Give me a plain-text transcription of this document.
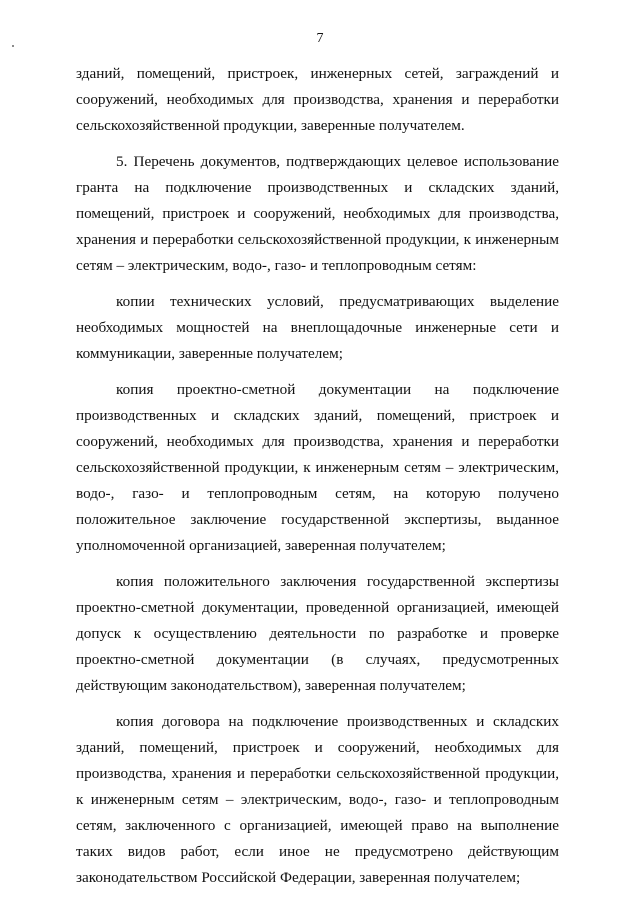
7

зданий, помещений, пристроек, инженерных сетей, заграждений и сооружений, необходимых для производства, хранения и переработки сельскохозяйственной продукции, заверенные получателем.

5. Перечень документов, подтверждающих целевое использование гранта на подключение производственных и складских зданий, помещений, пристроек и сооружений, необходимых для производства, хранения и переработки сельскохозяйственной продукции, к инженерным сетям – электрическим, водо-, газо- и теплопроводным сетям:

копии технических условий, предусматривающих выделение необходимых мощностей на внеплощадочные инженерные сети и коммуникации, заверенные получателем;

копия проектно-сметной документации на подключение производственных и складских зданий, помещений, пристроек и сооружений, необходимых для производства, хранения и переработки сельскохозяйственной продукции, к инженерным сетям – электрическим, водо-, газо- и теплопроводным сетям, на которую получено положительное заключение государственной экспертизы, выданное уполномоченной организацией, заверенная получателем;

копия положительного заключения государственной экспертизы проектно-сметной документации, проведенной организацией, имеющей допуск к осуществлению деятельности по разработке и проверке проектно-сметной документации (в случаях, предусмотренных действующим законодательством), заверенная получателем;

копия договора на подключение производственных и складских зданий, помещений, пристроек и сооружений, необходимых для производства, хранения и переработки сельскохозяйственной продукции, к инженерным сетям – электрическим, водо-, газо- и теплопроводным сетям, заключенного с организацией, имеющей право на выполнение таких видов работ, если иное не предусмотрено действующим законодательством Российской Федерации, заверенная получателем;
